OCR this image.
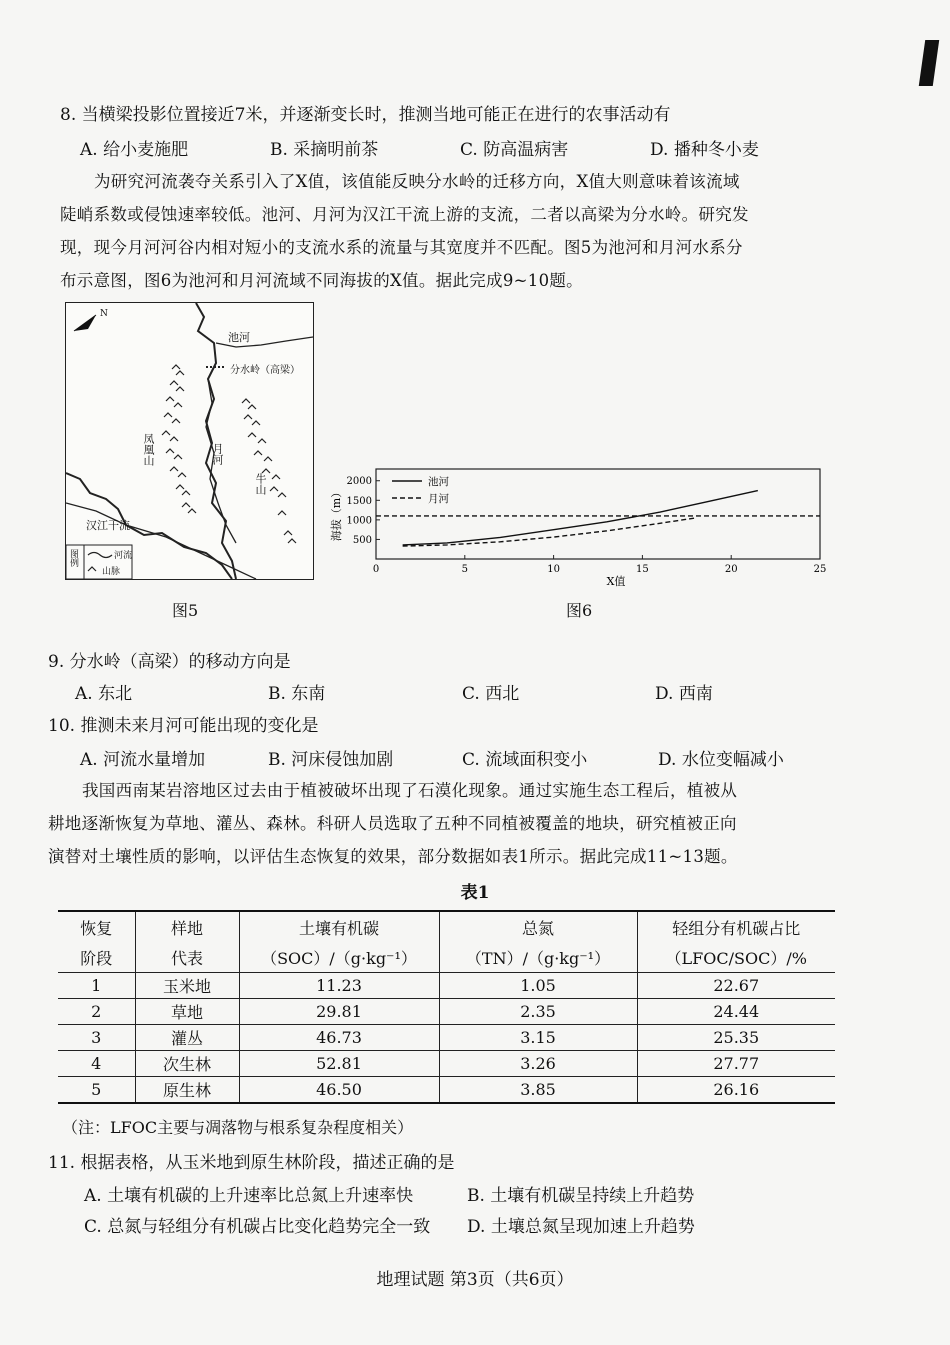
8. 当横梁投影位置接近7米，并逐渐变长时，推测当地可能正在进行的农事活动有
A. 给小麦施肥	B. 采摘明前茶	C. 防高温病害	D. 播种冬小麦
为研究河流袭夺关系引入了X值，该值能反映分水岭的迁移方向，X值大则意味着该流域
陡峭系数或侵蚀速率较低。池河、月河为汉江干流上游的支流，二者以高梁为分水岭。研究发
现，现今月河河谷内相对短小的支流水系的流量与其宽度并不匹配。图5为池河和月河水系分
布示意图，图6为池河和月河流域不同海拔的X值。据此完成9~10题。
池河
分水岭（高梁）
凤凰山	月河
牛山
汉江干流
图例	河流
山脉
N
图5
0	5	10	15	20	25
500
1000
1500
2000
X值
海拔（m）
池河
月河
图6
9. 分水岭（高梁）的移动方向是
A. 东北	B. 东南	C. 西北	D. 西南
10. 推测未来月河可能出现的变化是
A. 河流水量增加	B. 河床侵蚀加剧	C. 流域面积变小	D. 水位变幅减小
我国西南某岩溶地区过去由于植被破坏出现了石漠化现象。通过实施生态工程后，植被从
耕地逐渐恢复为草地、灌丛、森林。科研人员选取了五种不同植被覆盖的地块，研究植被正向
演替对土壤性质的影响，以评估生态恢复的效果，部分数据如表1所示。据此完成11~13题。
表1
恢复	样地	土壤有机碳	总氮	轻组分有机碳占比
阶段	代表	（SOC）/（g·kg⁻¹）	（TN）/（g·kg⁻¹）	（LFOC/SOC）/%
1	玉米地	11.23	1.05	22.67
2	草地	29.81	2.35	24.44
3	灌丛	46.73	3.15	25.35
4	次生林	52.81	3.26	27.77
5	原生林	46.50	3.85	26.16
（注：LFOC主要与凋落物与根系复杂程度相关）
11. 根据表格，从玉米地到原生林阶段，描述正确的是
A. 土壤有机碳的上升速率比总氮上升速率快	B. 土壤有机碳呈持续上升趋势
C. 总氮与轻组分有机碳占比变化趋势完全一致 D. 土壤总氮呈现加速上升趋势
地理试题 第3页（共6页）
